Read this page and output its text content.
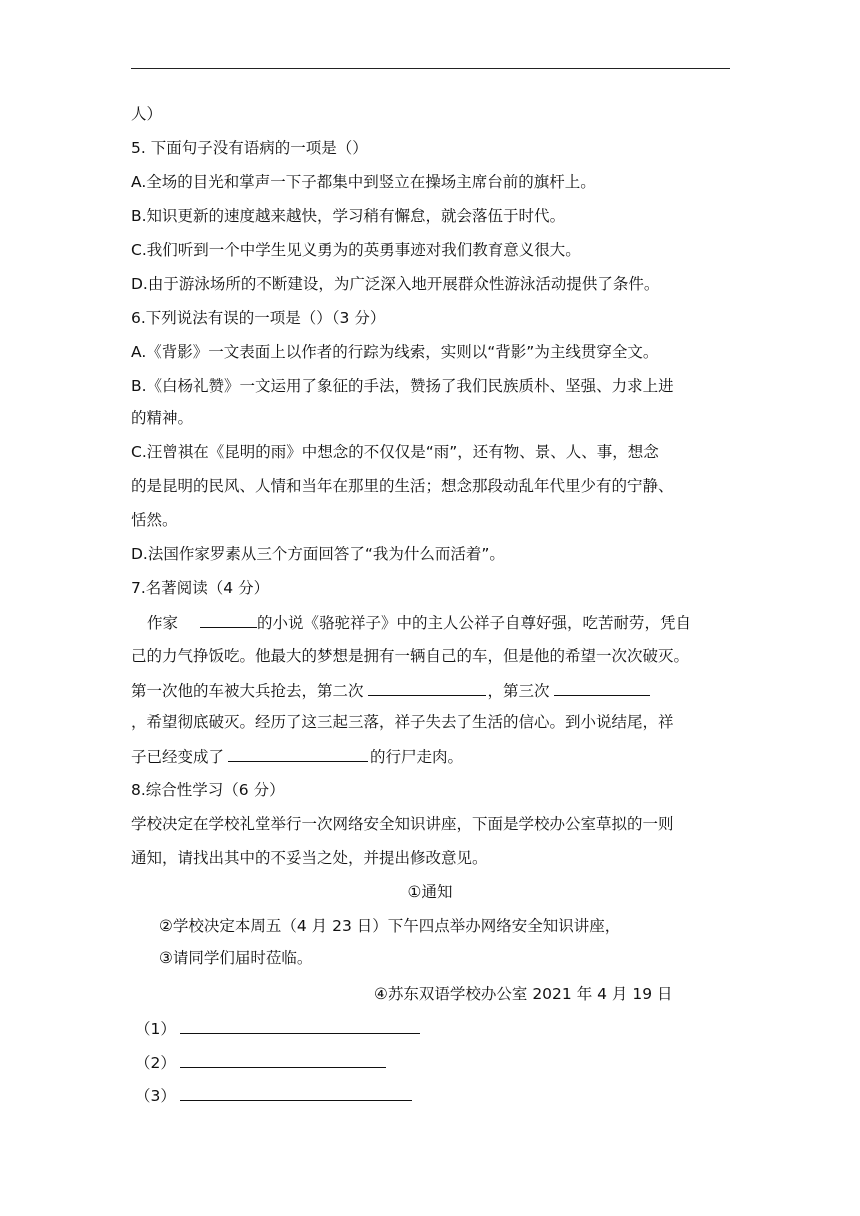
人）
5. 下面句子没有语病的一项是（）
A.全场的目光和掌声一下子都集中到竖立在操场主席台前的旗杆上。
B.知识更新的速度越来越快，学习稍有懈怠，就会落伍于时代。
C.我们听到一个中学生见义勇为的英勇事迹对我们教育意义很大。
D.由于游泳场所的不断建设，为广泛深入地开展群众性游泳活动提供了条件。
6.下列说法有误的一项是（）（3 分）
A.《背影》一文表面上以作者的行踪为线索，实则以“背影”为主线贯穿全文。
B.《白杨礼赞》一文运用了象征的手法，赞扬了我们民族质朴、坚强、力求上进
的精神。
C.汪曾祺在《昆明的雨》中想念的不仅仅是“雨”，还有物、景、人、事，想念
的是昆明的民风、人情和当年在那里的生活；想念那段动乱年代里少有的宁静、
恬然。
D.法国作家罗素从三个方面回答了“我为什么而活着”。
7.名著阅读（4 分）
作家	的小说《骆驼祥子》中的主人公祥子自尊好强，吃苦耐劳，凭自
己的力气挣饭吃。他最大的梦想是拥有一辆自己的车，但是他的希望一次次破灭。
第一次他的车被大兵抢去，第二次	，第三次
，希望彻底破灭。经历了这三起三落，祥子失去了生活的信心。到小说结尾，祥
子已经变成了	的行尸走肉。
8.综合性学习（6 分）
学校决定在学校礼堂举行一次网络安全知识讲座，下面是学校办公室草拟的一则
通知，请找出其中的不妥当之处，并提出修改意见。
①通知
②学校决定本周五（4 月 23 日）下午四点举办网络安全知识讲座，
③请同学们届时莅临。
④苏东双语学校办公室 2021 年 4 月 19 日
（1）
（2）
（3）
